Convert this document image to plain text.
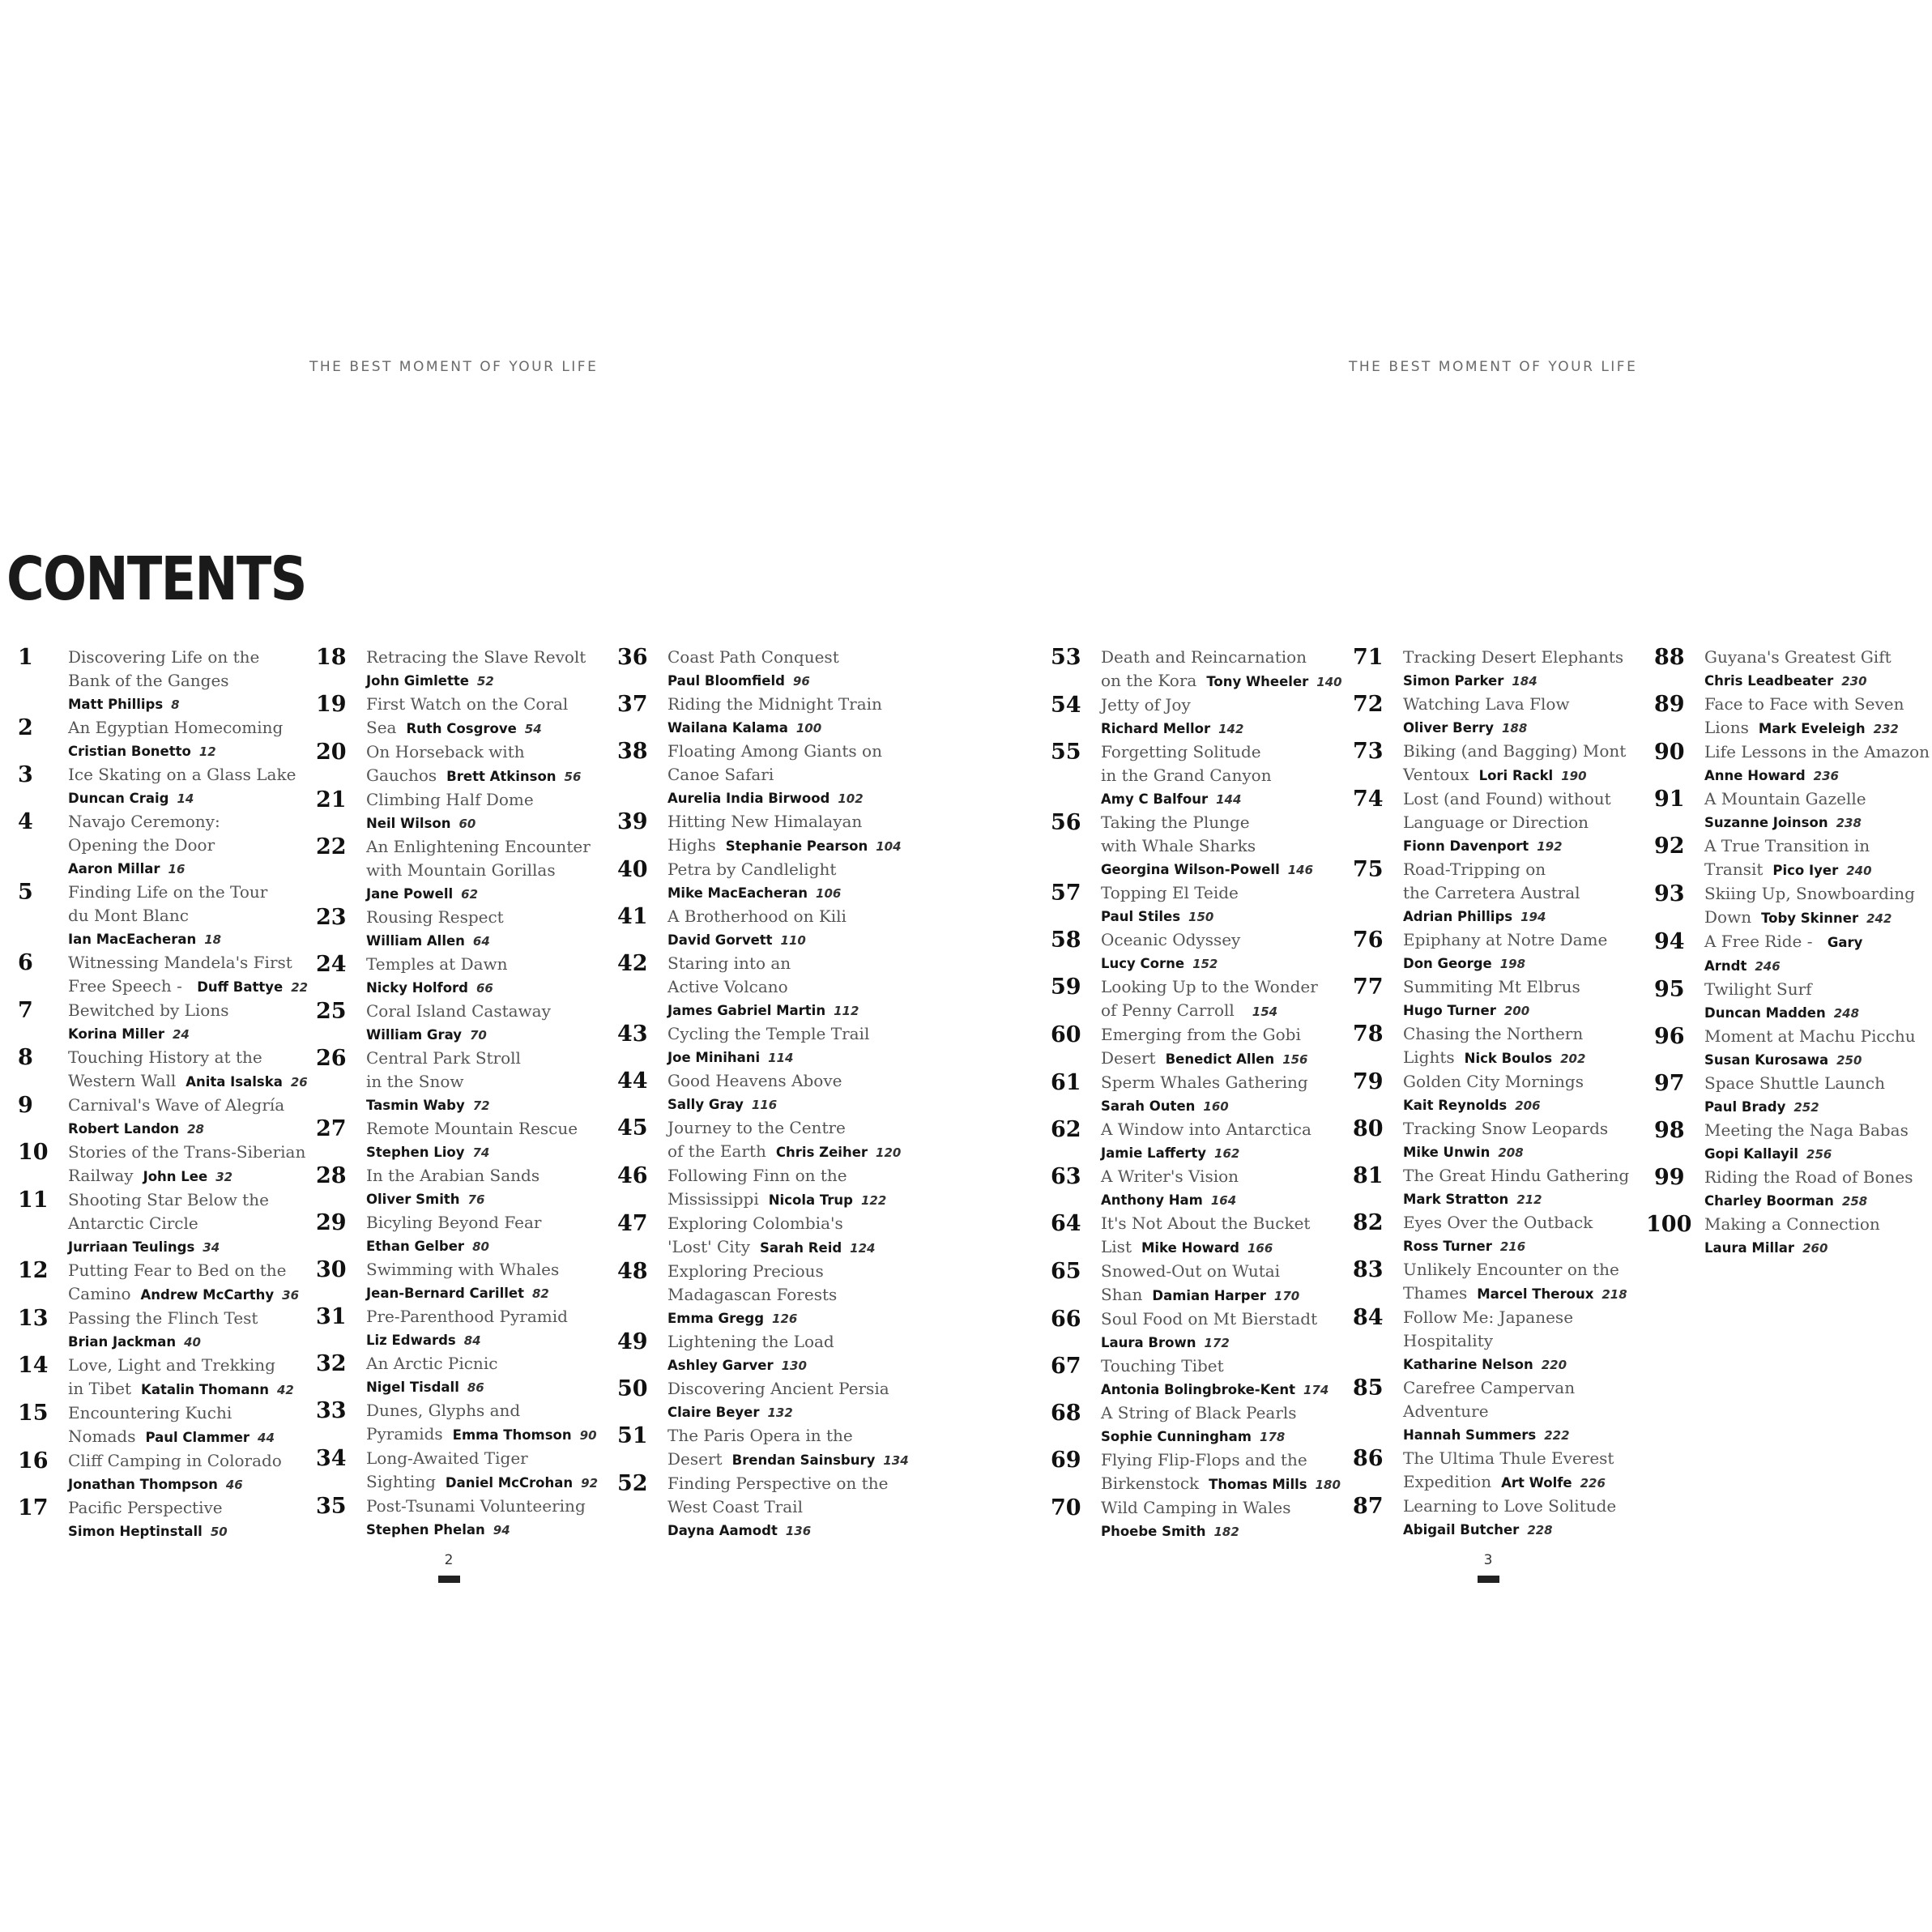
THE BEST MOMENT OF YOUR LIFE	THE BEST MOMENT OF YOUR LIFE
CONTENTS
1	Discovering Life on the
Bank of the Ganges
Matt Phillips 8
2	An Egyptian Homecoming
Cristian Bonetto 12
3	Ice Skating on a Glass Lake
Duncan Craig 14
4	Navajo Ceremony:
Opening the Door
Aaron Millar 16
5	Finding Life on the Tour
du Mont Blanc
Ian MacEacheran 18
6	Witnessing Mandela's First
Free Speech - Duff Battye 22
7	Bewitched by Lions
Korina Miller 24
8	Touching History at the
Western Wall Anita Isalska 26
9	Carnival's Wave of Alegría
Robert Landon 28
10	Stories of the Trans-Siberian
Railway John Lee 32
11	Shooting Star Below the
Antarctic Circle
Jurriaan Teulings 34
12	Putting Fear to Bed on the
Camino Andrew McCarthy 36
13	Passing the Flinch Test
Brian Jackman 40
14	Love, Light and Trekking
in Tibet Katalin Thomann 42
15	Encountering Kuchi
Nomads Paul Clammer 44
16	Cliff Camping in Colorado
Jonathan Thompson 46
17	Pacific Perspective
Simon Heptinstall 50
18	Retracing the Slave Revolt
John Gimlette 52
19	First Watch on the Coral
Sea Ruth Cosgrove 54
20	On Horseback with
Gauchos Brett Atkinson 56
21	Climbing Half Dome
Neil Wilson 60
22	An Enlightening Encounter
with Mountain Gorillas
Jane Powell 62
23	Rousing Respect
William Allen 64
24	Temples at Dawn
Nicky Holford 66
25	Coral Island Castaway
William Gray 70
26	Central Park Stroll
in the Snow
Tasmin Waby 72
27	Remote Mountain Rescue
Stephen Lioy 74
28	In the Arabian Sands
Oliver Smith 76
29	Bicyling Beyond Fear
Ethan Gelber 80
30	Swimming with Whales
Jean-Bernard Carillet 82
31	Pre-Parenthood Pyramid
Liz Edwards 84
32	An Arctic Picnic
Nigel Tisdall 86
33	Dunes, Glyphs and
Pyramids Emma Thomson 90
34	Long-Awaited Tiger
Sighting Daniel McCrohan 92
35	Post-Tsunami Volunteering
Stephen Phelan 94
36	Coast Path Conquest
Paul Bloomfield 96
37	Riding the Midnight Train
Wailana Kalama 100
38	Floating Among Giants on
Canoe Safari
Aurelia India Birwood 102
39	Hitting New Himalayan
Highs Stephanie Pearson 104
40	Petra by Candlelight
Mike MacEacheran 106
41	A Brotherhood on Kili
David Gorvett 110
42	Staring into an
Active Volcano
James Gabriel Martin 112
43	Cycling the Temple Trail
Joe Minihani 114
44	Good Heavens Above
Sally Gray 116
45	Journey to the Centre
of the Earth Chris Zeiher 120
46	Following Finn on the
Mississippi Nicola Trup 122
47	Exploring Colombia's
'Lost' City Sarah Reid 124
48	Exploring Precious
Madagascan Forests
Emma Gregg 126
49	Lightening the Load
Ashley Garver 130
50	Discovering Ancient Persia
Claire Beyer 132
51	The Paris Opera in the
Desert Brendan Sainsbury 134
52	Finding Perspective on the
West Coast Trail
Dayna Aamodt 136
53	Death and Reincarnation
on the Kora Tony Wheeler 140
54	Jetty of Joy
Richard Mellor 142
55	Forgetting Solitude
in the Grand Canyon
Amy C Balfour 144
56	Taking the Plunge
with Whale Sharks
Georgina Wilson-Powell 146
57	Topping El Teide
Paul Stiles 150
58	Oceanic Odyssey
Lucy Corne 152
59	Looking Up to the Wonder
of Penny Carroll 154
60	Emerging from the Gobi
Desert Benedict Allen 156
61	Sperm Whales Gathering
Sarah Outen 160
62	A Window into Antarctica
Jamie Lafferty 162
63	A Writer's Vision
Anthony Ham 164
64	It's Not About the Bucket
List Mike Howard 166
65	Snowed-Out on Wutai
Shan Damian Harper 170
66	Soul Food on Mt Bierstadt
Laura Brown 172
67	Touching Tibet
Antonia Bolingbroke-Kent 174
68	A String of Black Pearls
Sophie Cunningham 178
69	Flying Flip-Flops and the
Birkenstock Thomas Mills 180
70	Wild Camping in Wales
Phoebe Smith 182
71	Tracking Desert Elephants
Simon Parker 184
72	Watching Lava Flow
Oliver Berry 188
73	Biking (and Bagging) Mont
Ventoux Lori Rackl 190
74	Lost (and Found) without
Language or Direction
Fionn Davenport 192
75	Road-Tripping on
the Carretera Austral
Adrian Phillips 194
76	Epiphany at Notre Dame
Don George 198
77	Summiting Mt Elbrus
Hugo Turner 200
78	Chasing the Northern
Lights Nick Boulos 202
79	Golden City Mornings
Kait Reynolds 206
80	Tracking Snow Leopards
Mike Unwin 208
81	The Great Hindu Gathering
Mark Stratton 212
82	Eyes Over the Outback
Ross Turner 216
83	Unlikely Encounter on the
Thames Marcel Theroux 218
84	Follow Me: Japanese
Hospitality
Katharine Nelson 220
85	Carefree Campervan
Adventure
Hannah Summers 222
86	The Ultima Thule Everest
Expedition Art Wolfe 226
87	Learning to Love Solitude
Abigail Butcher 228
88	Guyana's Greatest Gift
Chris Leadbeater 230
89	Face to Face with Seven
Lions Mark Eveleigh 232
90	Life Lessons in the Amazon
Anne Howard 236
91	A Mountain Gazelle
Suzanne Joinson 238
92	A True Transition in
Transit Pico Iyer 240
93	Skiing Up, Snowboarding
Down Toby Skinner 242
94	A Free Ride - Gary Arndt 246
95	Twilight Surf
Duncan Madden 248
96	Moment at Machu Picchu
Susan Kurosawa 250
97	Space Shuttle Launch
Paul Brady 252
98	Meeting the Naga Babas
Gopi Kallayil 256
99	Riding the Road of Bones
Charley Boorman 258
100 Making a Connection
Laura Millar 260
2	3
